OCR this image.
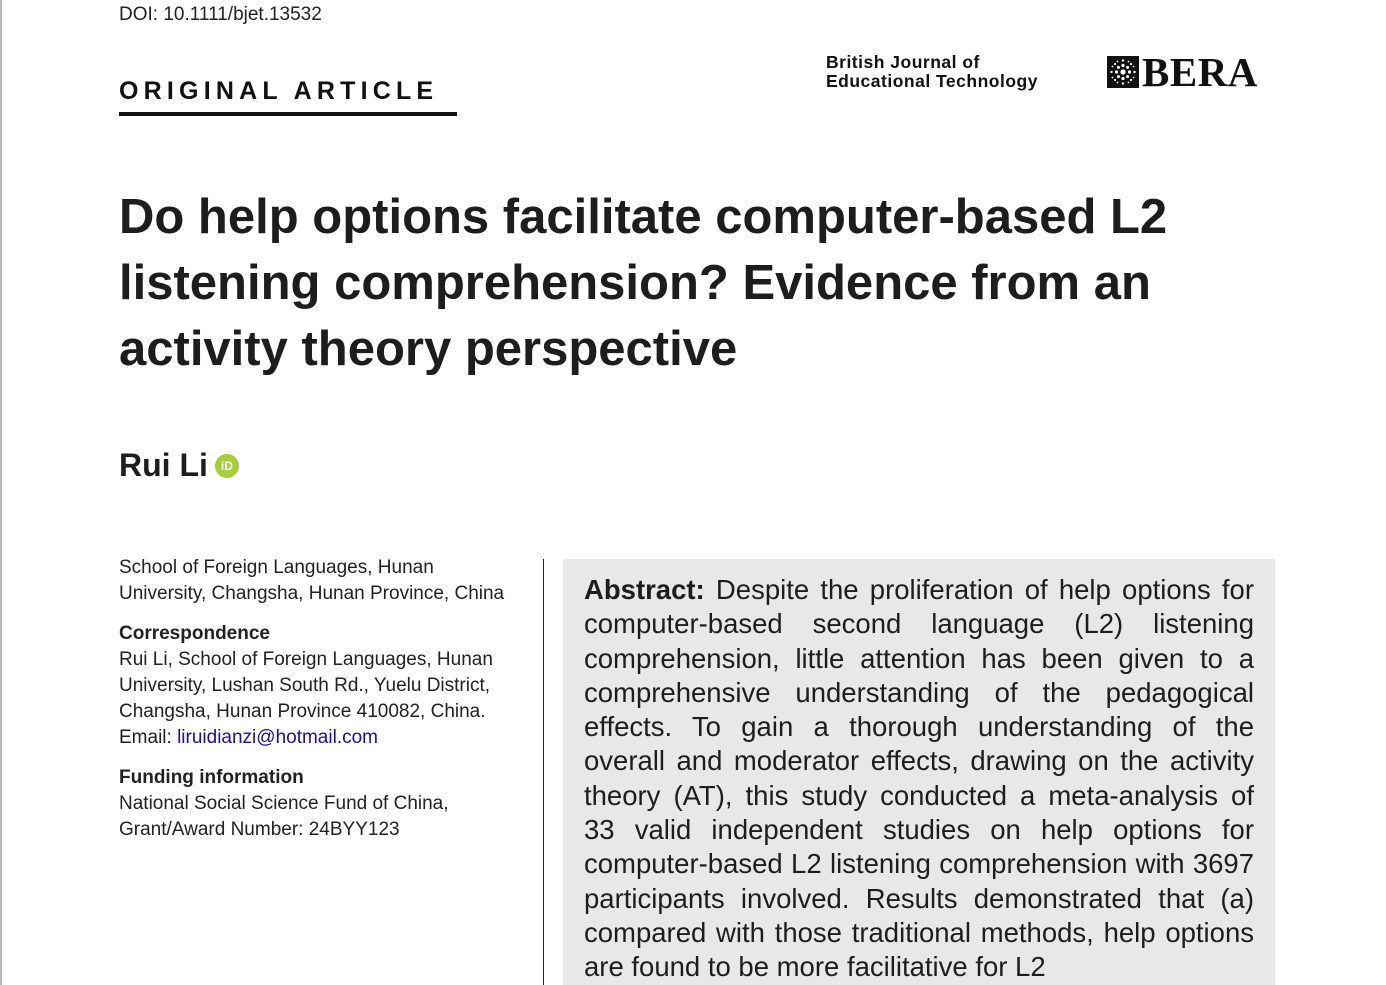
DOI: 10.1111/bjet.13532
ORIGINAL ARTICLE
British Journal of
Educational Technology	BERA
Do help options facilitate computer-based L2 listening comprehension? Evidence from an activity theory perspective
Rui Li	iD

School of Foreign Languages, Hunan University, Changsha, Hunan Province, China

Correspondence

Rui Li, School of Foreign Languages, Hunan University, Lushan South Rd., Yuelu District, Changsha, Hunan Province 410082, China.
Email: liruidianzi@hotmail.com

Funding information

National Social Science Fund of China, Grant/Award Number: 24BYY123

Abstract: Despite the proliferation of help options for computer-based second language (L2) listening comprehension, little attention has been given to a comprehensive understanding of the pedagogical effects. To gain a thorough understanding of the overall and moderator effects, drawing on the activity theory (AT), this study conducted a meta-analysis of 33 valid independent studies on help options for computer-based L2 listening comprehension with 3697 participants involved. Results demonstrated that (a) compared with those traditional methods, help options are found to be more facilitative for L2
